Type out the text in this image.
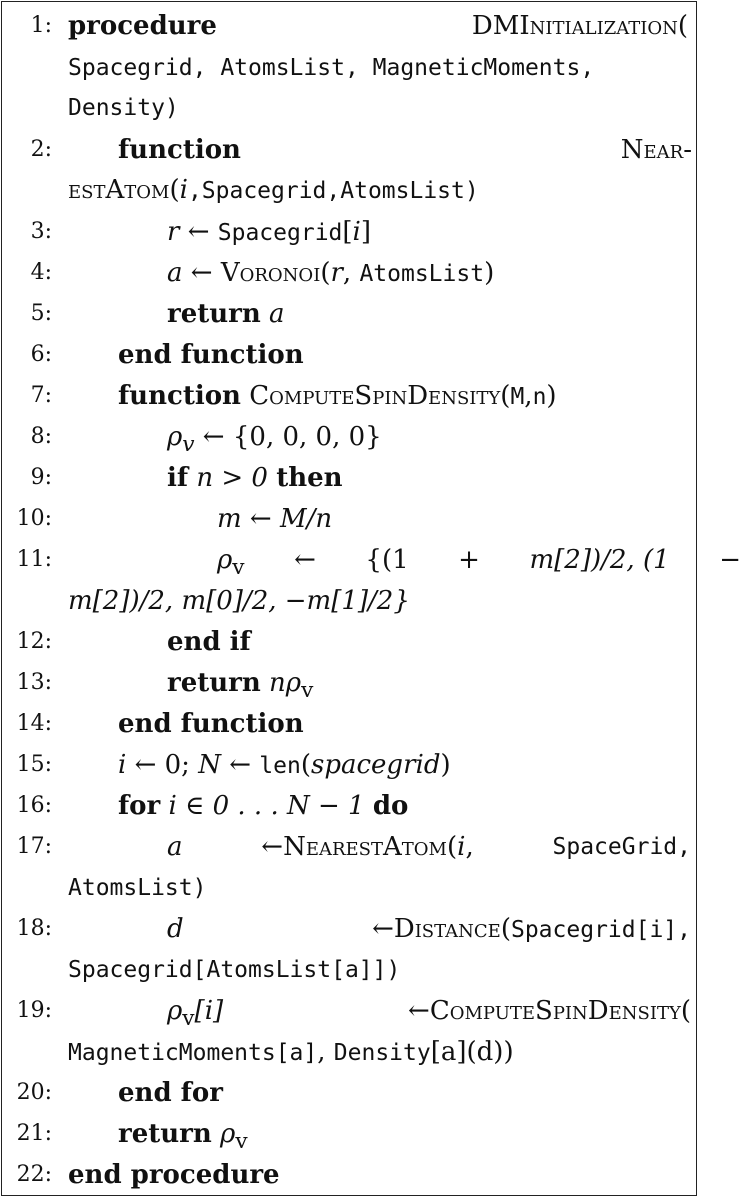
1: procedure	DMInitialization(
Spacegrid, AtomsList, MagneticMoments,
Density)
2:	function	Near-
estAtom(i,Spacegrid,AtomsList)
3:	r ← Spacegrid[i]
4:	a ← Voronoi(r, AtomsList)
5:	return a
6:	end function
7:	function ComputeSpinDensity(M,n)
8:	$\rho_v$ ← {0, 0, 0, 0}
9:	if n > 0 then
10:	m ← M/n
11:	$\rho_v$ ← {(1 + m[2])/2, (1 −
m[2])/2, m[0]/2, −m[1]/2}
12:	end if
13:	return $n\rho_v$
14:	end function
15:	i ← 0; N ← len(spacegrid)
16:	for i ∈ 0 . . . N − 1 do
17:	a	←NearestAtom(i,	SpaceGrid,
AtomsList)
18:	d	←Distance(Spacegrid[i],
Spacegrid[AtomsList[a]])
19:	$\rho_v[i]$	←ComputeSpinDensity(
MagneticMoments[a], Density[a](d))
20:	end for
21:	return $\rho_v$
22: end procedure
